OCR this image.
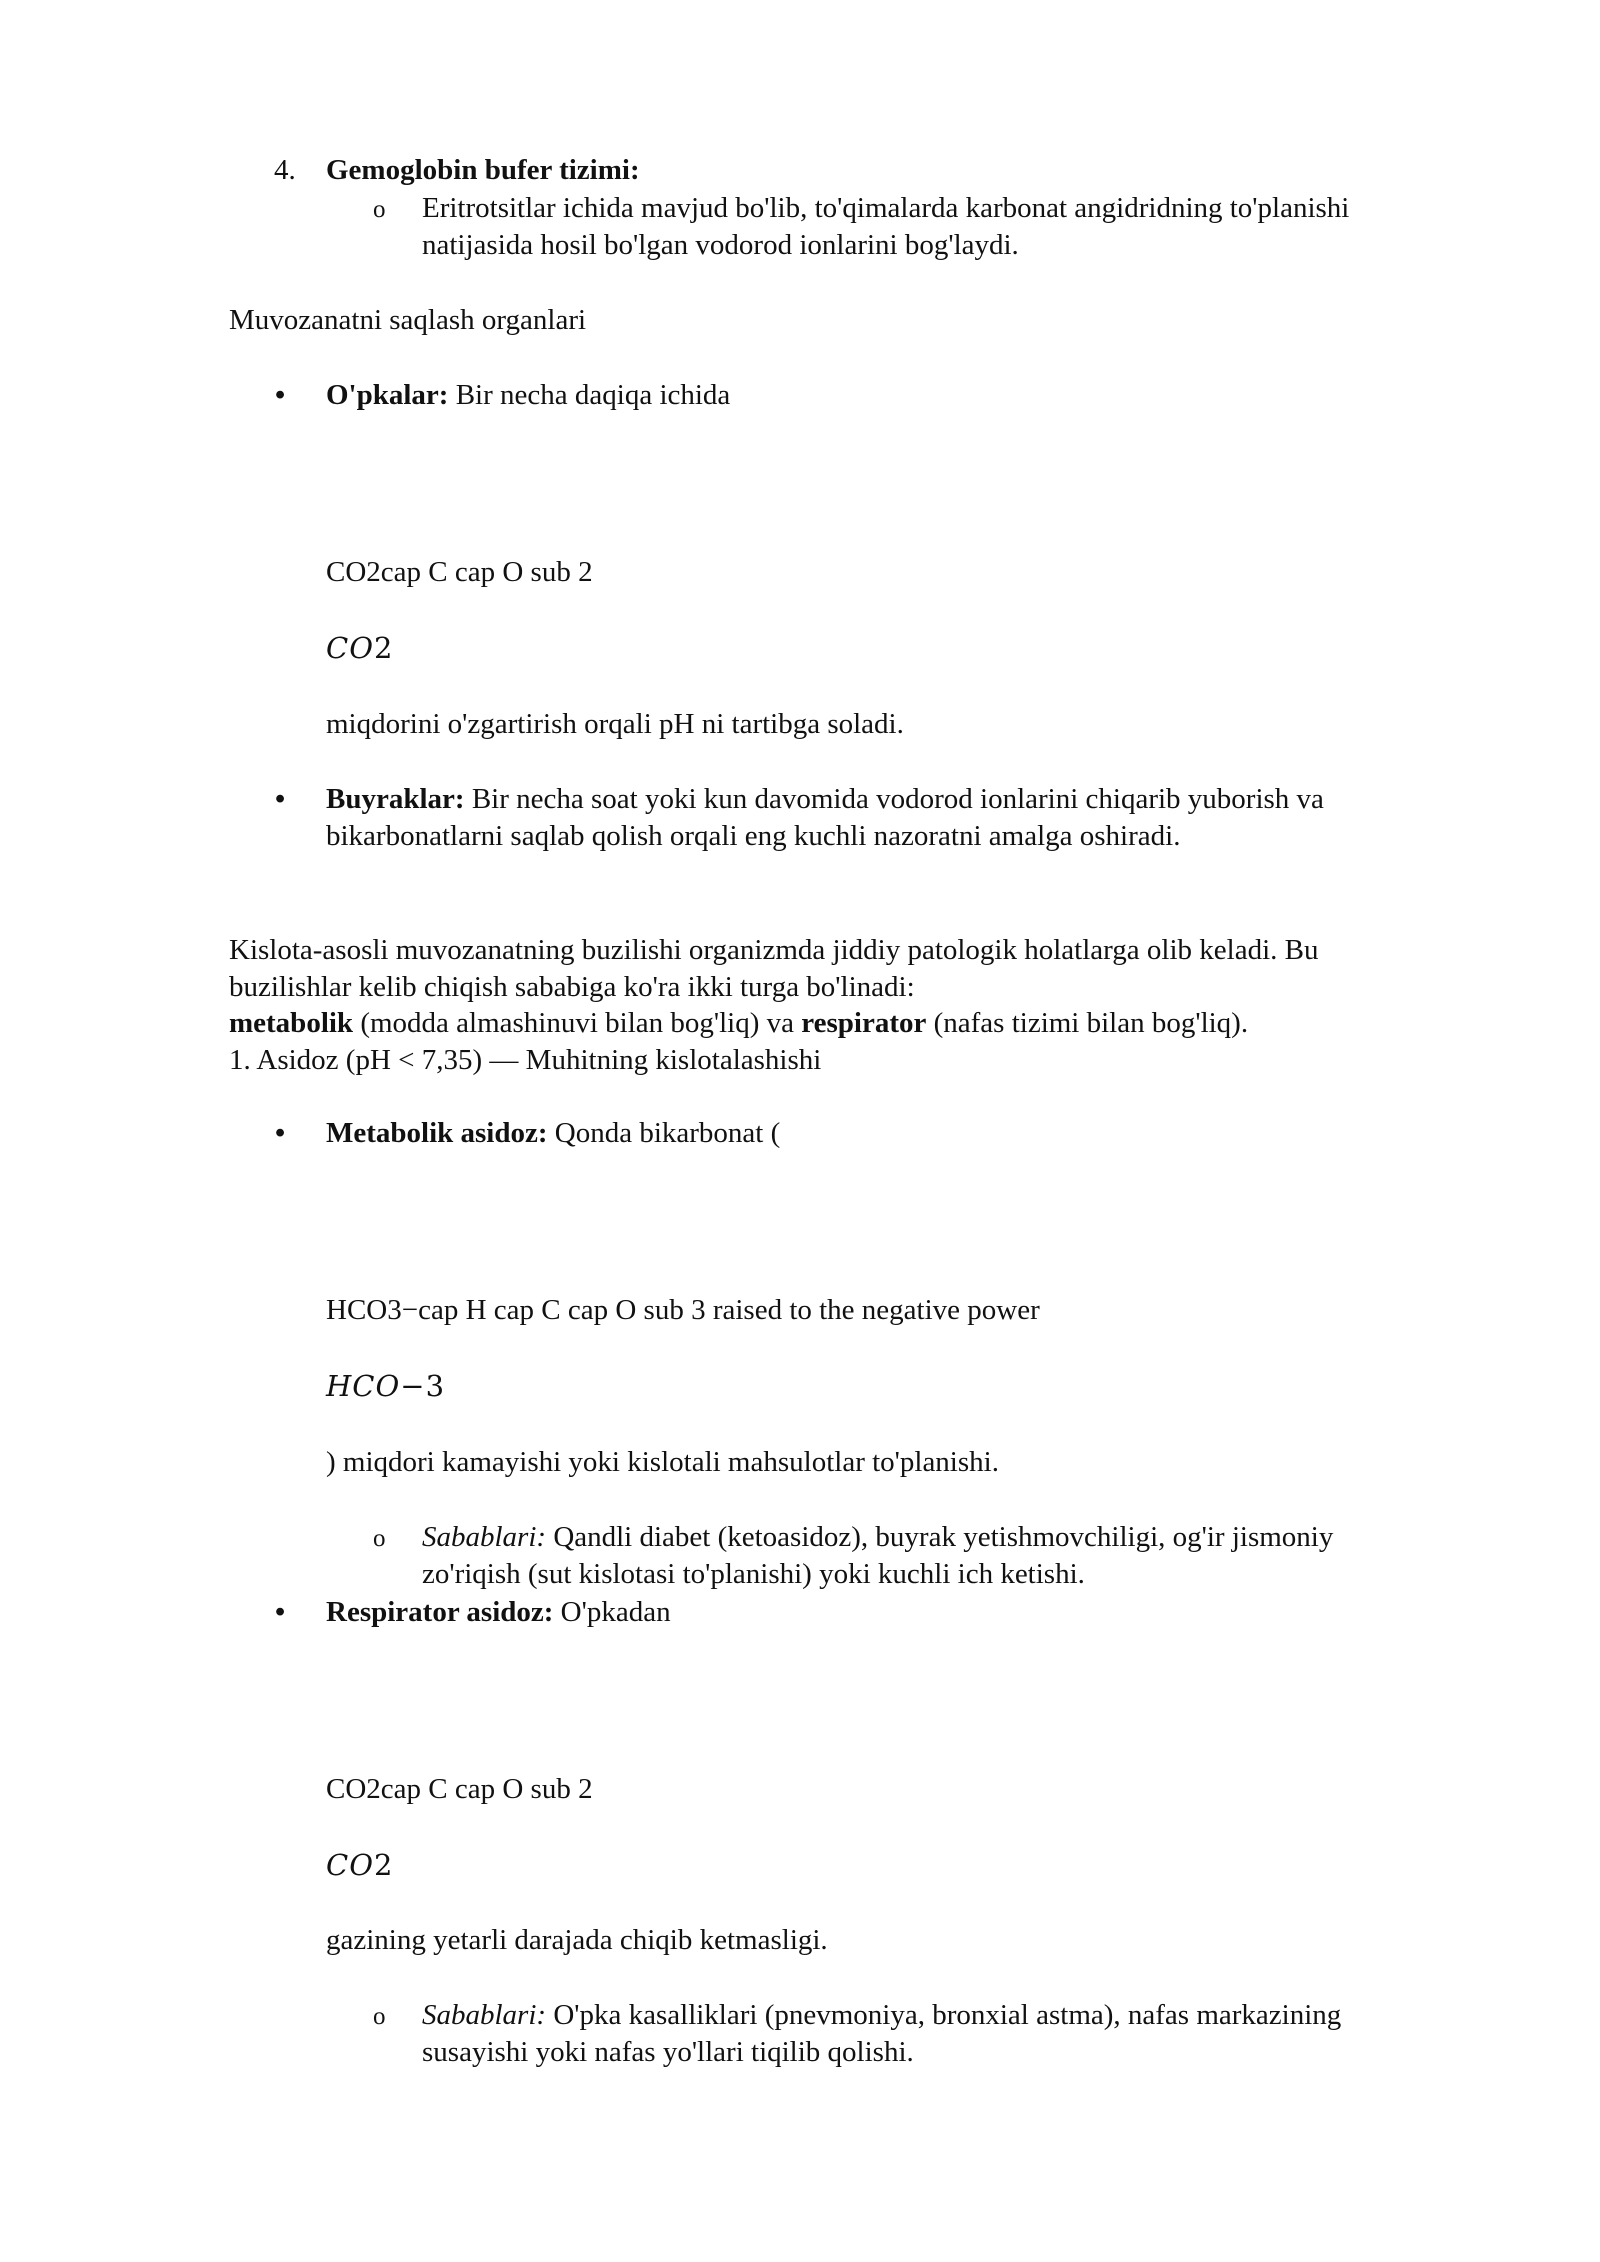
4. Gemoglobin bufer tizimi:
o Eritrotsitlar ichida mavjud bo'lib, to'qimalarda karbonat angidridning to'planishi
natijasida hosil bo'lgan vodorod ionlarini bog'laydi.
Muvozanatni saqlash organlari
• O'pkalar: Bir necha daqiqa ichida
CO2cap C cap O sub 2
CO2
miqdorini o'zgartirish orqali pH ni tartibga soladi.
• Buyraklar: Bir necha soat yoki kun davomida vodorod ionlarini chiqarib yuborish va
bikarbonatlarni saqlab qolish orqali eng kuchli nazoratni amalga oshiradi.
Kislota-asosli muvozanatning buzilishi organizmda jiddiy patologik holatlarga olib keladi. Bu
buzilishlar kelib chiqish sababiga ko'ra ikki turga bo'linadi:
metabolik (modda almashinuvi bilan bog'liq) va respirator (nafas tizimi bilan bog'liq).
1. Asidoz (pH < 7,35) — Muhitning kislotalashishi
• Metabolik asidoz: Qonda bikarbonat (
HCO3−cap H cap C cap O sub 3 raised to the negative power
HCO−3
) miqdori kamayishi yoki kislotali mahsulotlar to'planishi.
o Sabablari: Qandli diabet (ketoasidoz), buyrak yetishmovchiligi, og'ir jismoniy
zo'riqish (sut kislotasi to'planishi) yoki kuchli ich ketishi.
• Respirator asidoz: O'pkadan
CO2cap C cap O sub 2
CO2
gazining yetarli darajada chiqib ketmasligi.
o Sabablari: O'pka kasalliklari (pnevmoniya, bronxial astma), nafas markazining
susayishi yoki nafas yo'llari tiqilib qolishi.
